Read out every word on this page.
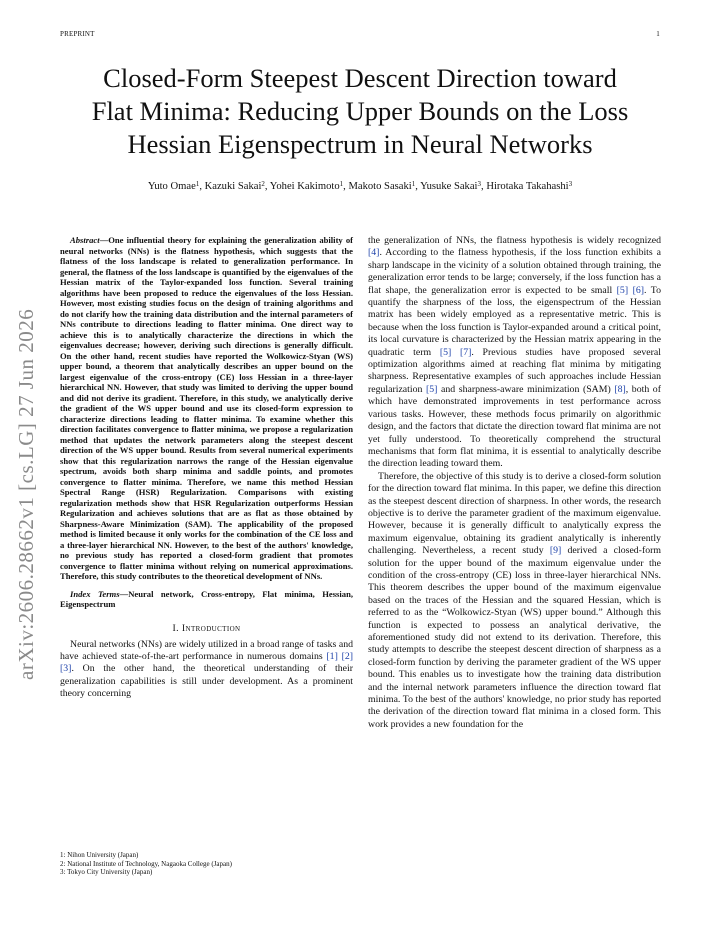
PREPRINT	1
arXiv:2606.28662v1 [cs.LG] 27 Jun 2026
Closed-Form Steepest Descent Direction toward
Flat Minima: Reducing Upper Bounds on the Loss
Hessian Eigenspectrum in Neural Networks
Yuto Omae$^1$, Kazuki Sakai$^2$, Yohei Kakimoto$^1$, Makoto Sasaki$^1$, Yusuke Sakai$^3$, Hirotaka Takahashi$^3$

Abstract—One influential theory for explaining the generalization ability of neural networks (NNs) is the flatness hypothesis, which suggests that the flatness of the loss landscape is related to generalization performance. In general, the flatness of the loss landscape is quantified by the eigenvalues of the Hessian matrix of the Taylor-expanded loss function. Several training algorithms have been proposed to reduce the eigenvalues of the loss Hessian. However, most existing studies focus on the design of training algorithms and do not clarify how the training data distribution and the internal parameters of NNs contribute to directions leading to flatter minima. One direct way to achieve this is to analytically characterize the directions in which the eigenvalues decrease; however, deriving such directions is generally difficult. On the other hand, recent studies have reported the Wolkowicz-Styan (WS) upper bound, a theorem that analytically describes an upper bound on the largest eigenvalue of the cross-entropy (CE) loss Hessian in a three-layer hierarchical NN. However, that study was limited to deriving the upper bound and did not derive its gradient. Therefore, in this study, we analytically derive the gradient of the WS upper bound and use its closed-form expression to characterize directions leading to flatter minima. To examine whether this direction facilitates convergence to flatter minima, we propose a regularization method that updates the network parameters along the steepest descent direction of the WS upper bound. Results from several numerical experiments show that this regularization narrows the range of the Hessian eigenvalue spectrum, avoids both sharp minima and saddle points, and promotes convergence to flatter minima. Therefore, we name this method Hessian Spectral Range (HSR) Regularization. Comparisons with existing regularization methods show that HSR Regularization outperforms Hessian Regularization and achieves solutions that are as flat as those obtained by Sharpness-Aware Minimization (SAM). The applicability of the proposed method is limited because it only works for the combination of the CE loss and a three-layer hierarchical NN. However, to the best of the authors' knowledge, no previous study has reported a closed-form gradient that promotes convergence to flatter minima without relying on numerical approximations. Therefore, this study contributes to the theoretical development of NNs.

Index Terms—Neural network, Cross-entropy, Flat minima, Hessian, Eigenspectrum

I. Introduction

Neural networks (NNs) are widely utilized in a broad range of tasks and have achieved state-of-the-art performance in numerous domains [1] [2] [3]. On the other hand, the theoretical understanding of their generalization capabilities is still under development. As a prominent theory concerning

the generalization of NNs, the flatness hypothesis is widely recognized [4]. According to the flatness hypothesis, if the loss function exhibits a sharp landscape in the vicinity of a solution obtained through training, the generalization error tends to be large; conversely, if the loss function has a flat shape, the generalization error is expected to be small [5] [6]. To quantify the sharpness of the loss, the eigenspectrum of the Hessian matrix has been widely employed as a representative metric. This is because when the loss function is Taylor-expanded around a critical point, its local curvature is characterized by the Hessian matrix appearing in the quadratic term [5] [7]. Previous studies have proposed several optimization algorithms aimed at reaching flat minima by mitigating sharpness. Representative examples of such approaches include Hessian regularization [5] and sharpness-aware minimization (SAM) [8], both of which have demonstrated improvements in test performance across various tasks. However, these methods focus primarily on algorithmic design, and the factors that dictate the direction toward flat minima are not yet fully understood. To theoretically comprehend the structural mechanisms that form flat minima, it is essential to analytically describe the direction leading toward them.

Therefore, the objective of this study is to derive a closed-form solution for the direction toward flat minima. In this paper, we define this direction as the steepest descent direction of sharpness. In other words, the research objective is to derive the parameter gradient of the maximum eigenvalue. However, because it is generally difficult to analytically express the maximum eigenvalue, obtaining its gradient analytically is inherently challenging. Nevertheless, a recent study [9] derived a closed-form solution for the upper bound of the maximum eigenvalue under the condition of the cross-entropy (CE) loss in three-layer hierarchical NNs. This theorem describes the upper bound of the maximum eigenvalue based on the traces of the Hessian and the squared Hessian, which is referred to as the “Wolkowicz-Styan (WS) upper bound.” Although this function is expected to possess an analytical derivative, the aforementioned study did not extend to its derivation. Therefore, this study attempts to describe the steepest descent direction of sharpness as a closed-form function by deriving the parameter gradient of the WS upper bound. This enables us to investigate how the training data distribution and the internal network parameters influence the direction toward flat minima. To the best of the authors' knowledge, no prior study has reported the derivation of the direction toward flat minima in a closed form. This work provides a new foundation for the

1: Nihon University (Japan)
2: National Institute of Technology, Nagaoka College (Japan)
3: Tokyo City University (Japan)
